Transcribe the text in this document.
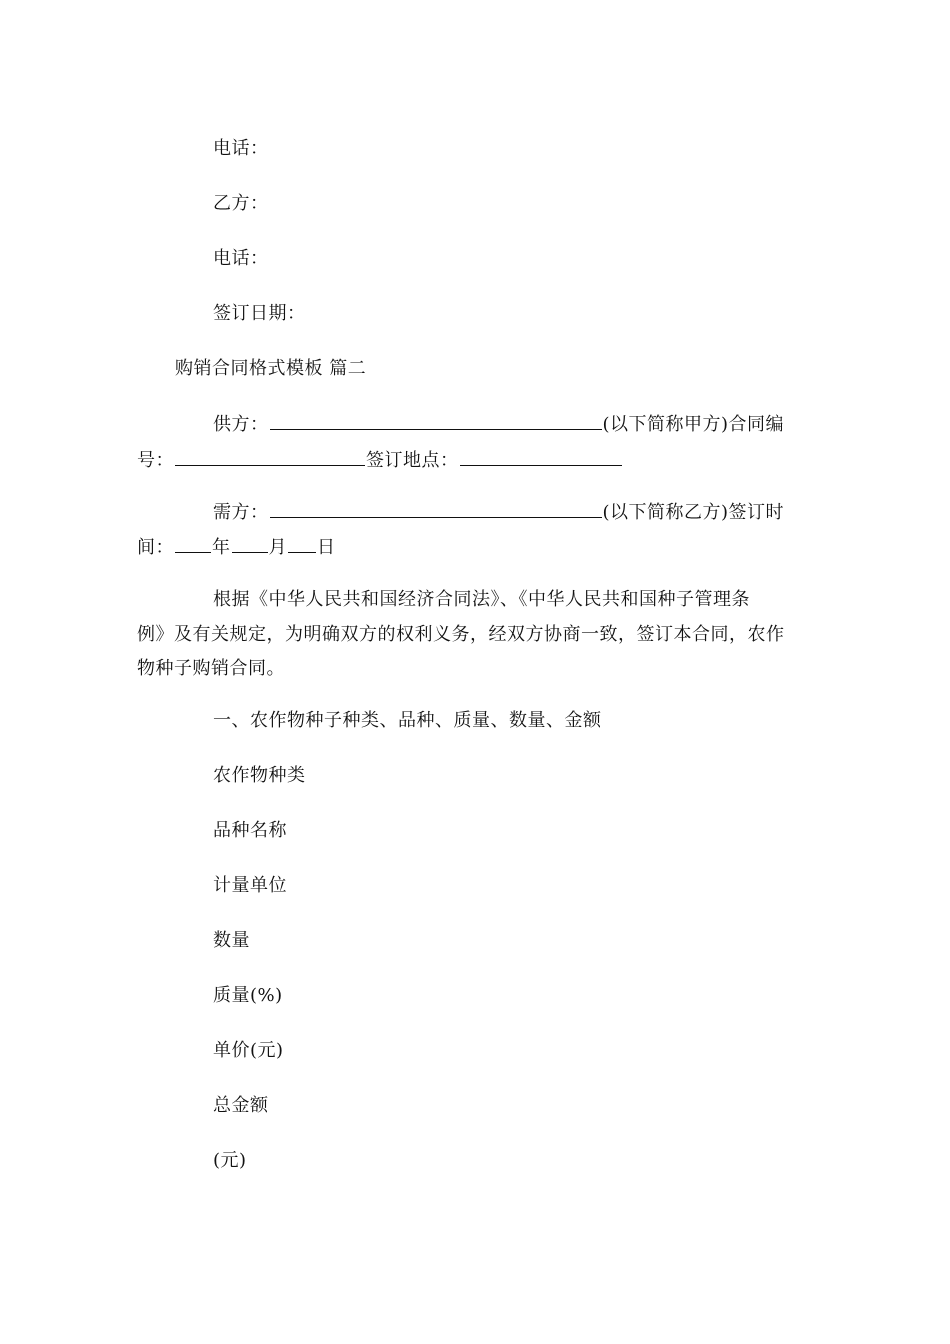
电话：
乙方：
电话：
签订日期：
购销合同格式模板 篇二
供方：	(以下简称甲方)合同编
号：	签订地点：
需方：	(以下简称乙方)签订时
间： 年 月 日
根据《中华人民共和国经济合同法》、《中华人民共和国种子管理条
例》及有关规定，为明确双方的权利义务，经双方协商一致，签订本合同，农作
物种子购销合同。
一、农作物种子种类、品种、质量、数量、金额
农作物种类
品种名称
计量单位
数量
质量(%)
单价(元)
总金额
(元)
